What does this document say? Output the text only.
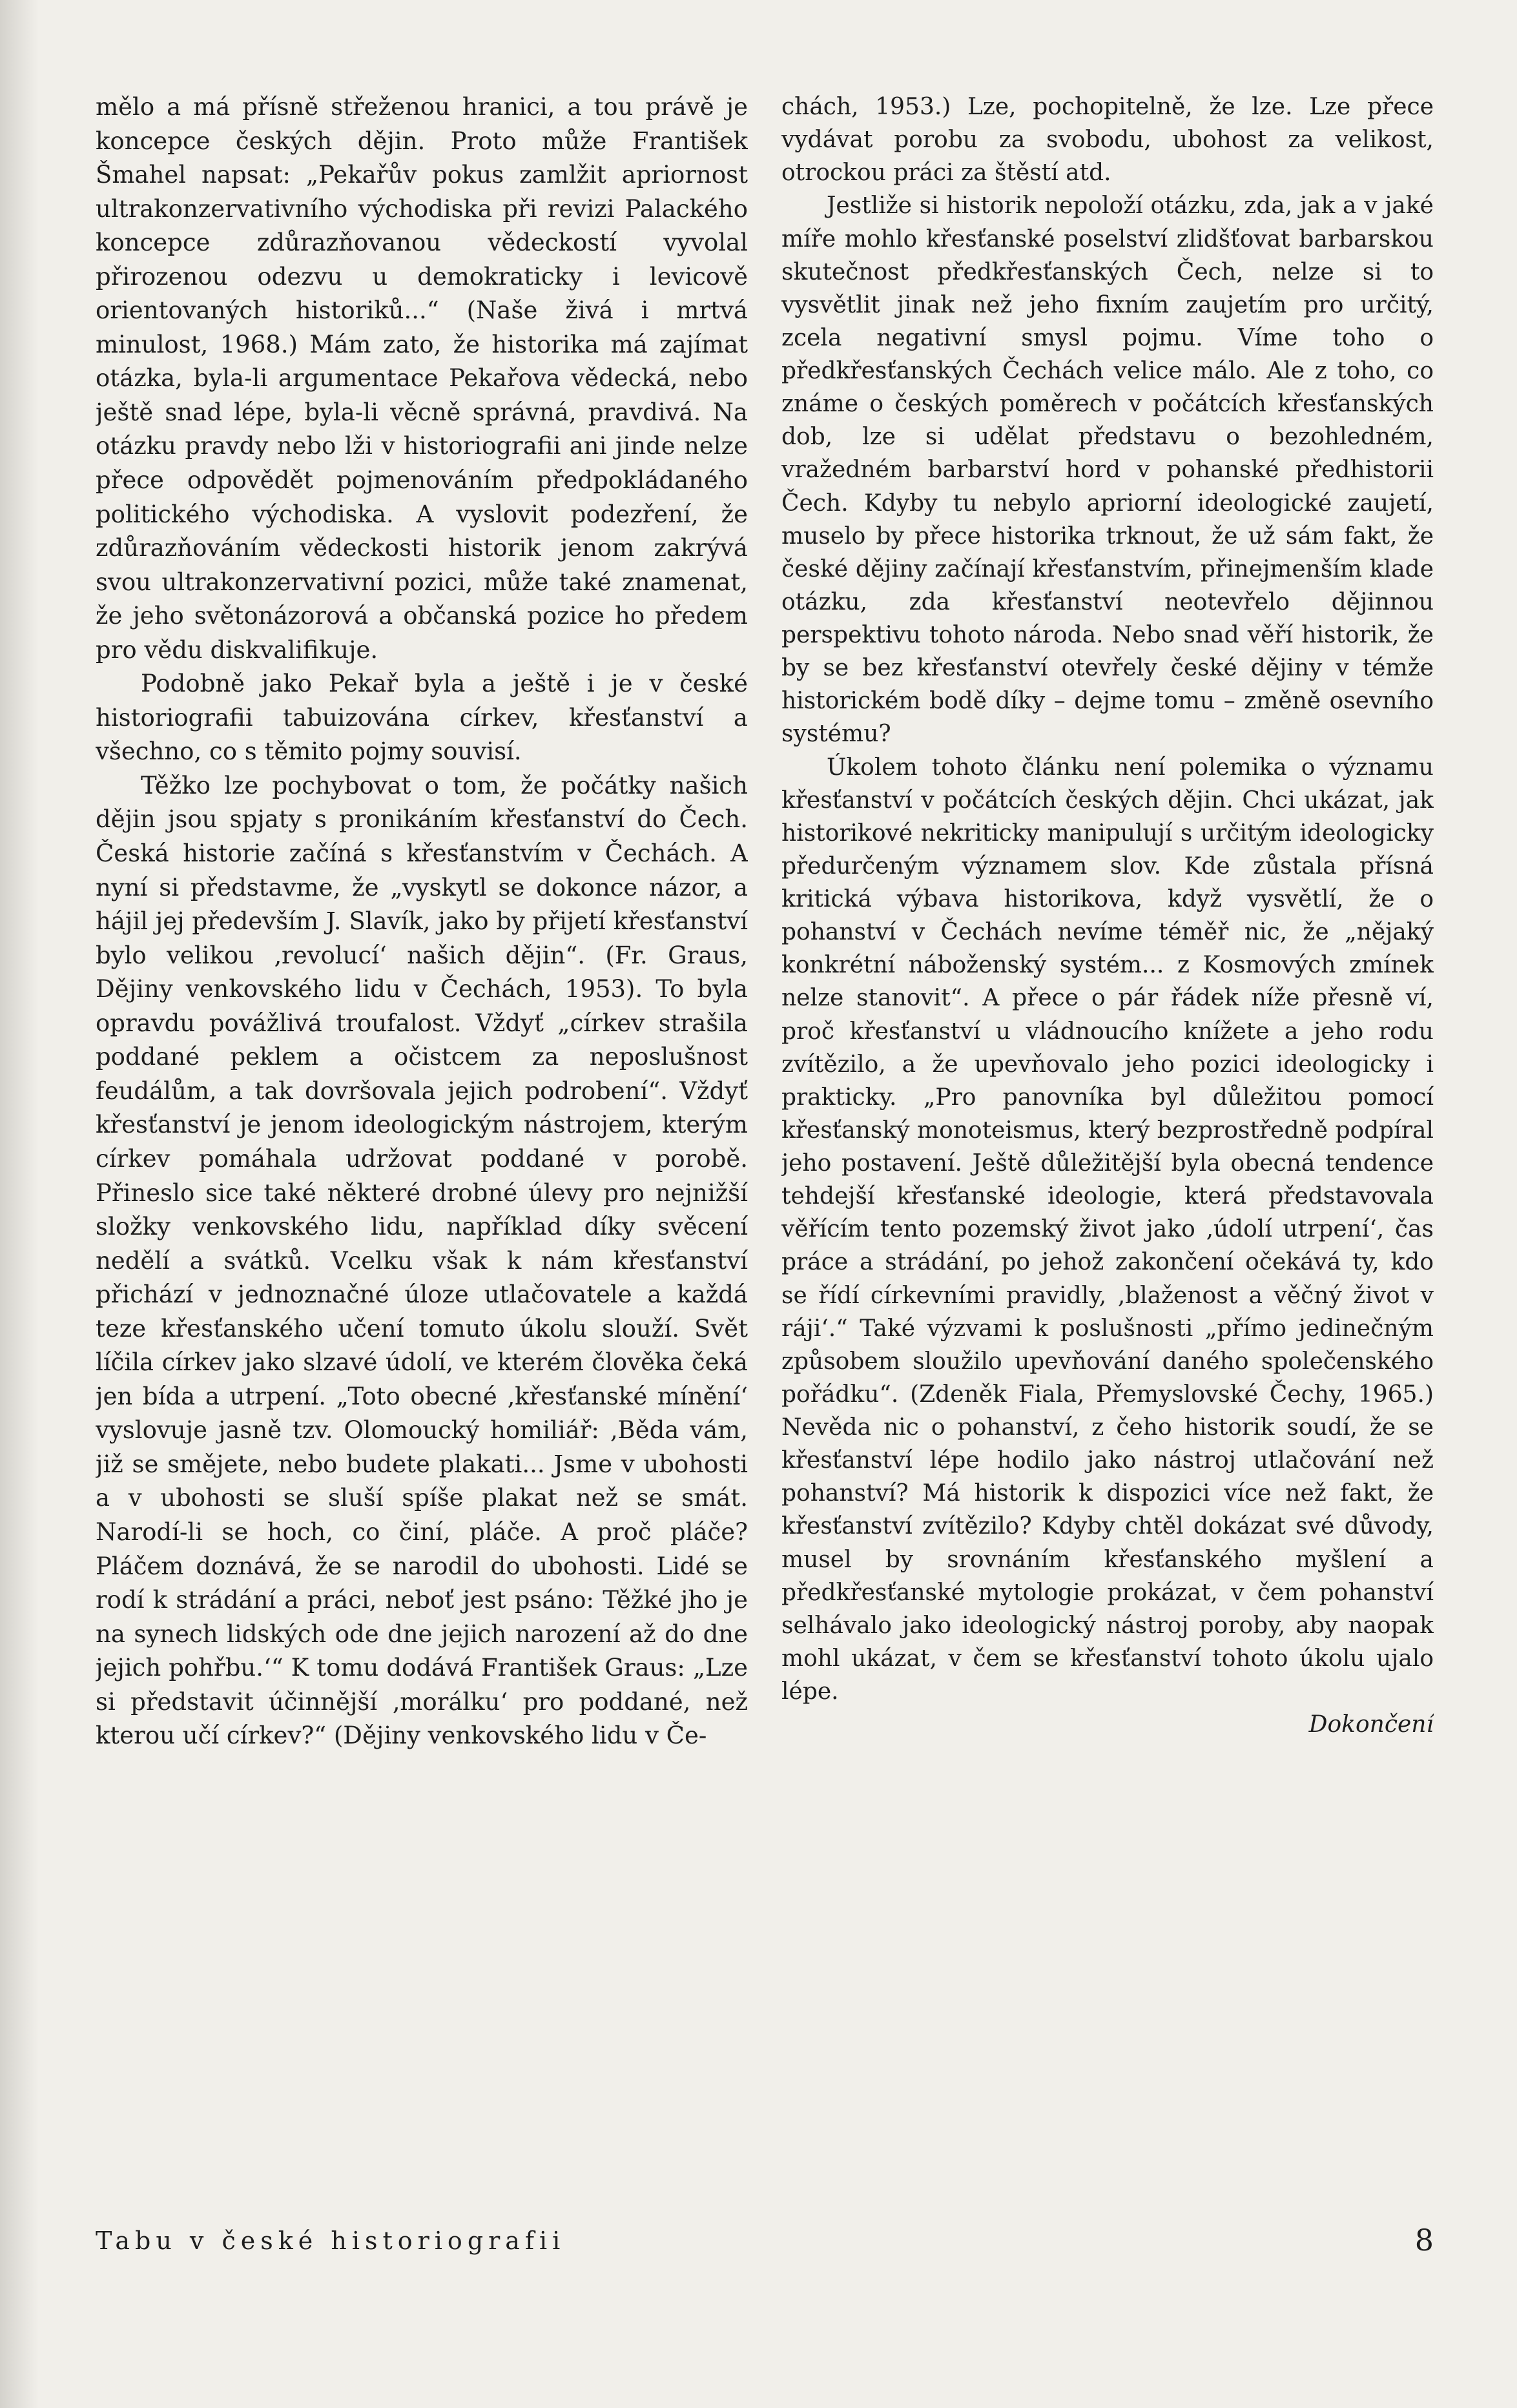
mělo a má přísně střeženou hranici, a tou právě je koncepce českých dějin. Proto může František Šmahel napsat: „Pekařův pokus zamlžit apriornost ultrakonzervativního východiska při revizi Palackého koncepce zdůrazňovanou vědeckostí vyvolal přirozenou odezvu u demokraticky i levicově orientovaných historiků...“ (Naše živá i mrtvá minulost, 1968.) Mám zato, že historika má zajímat otázka, byla-li argumentace Pekařova vědecká, nebo ještě snad lépe, byla-li věcně správná, pravdivá. Na otázku pravdy nebo lži v historiografii ani jinde nelze přece odpovědět pojmenováním předpokládaného politického východiska. A vyslovit podezření, že zdůrazňováním vědeckosti historik jenom zakrývá svou ultrakonzervativní pozici, může také znamenat, že jeho světonázorová a občanská pozice ho předem pro vědu diskvalifikuje.

Podobně jako Pekař byla a ještě i je v české historiografii tabuizována církev, křesťanství a všechno, co s těmito pojmy souvisí.

Těžko lze pochybovat o tom, že počátky našich dějin jsou spjaty s pronikáním křesťanství do Čech. Česká historie začíná s křesťanstvím v Čechách. A nyní si představme, že „vyskytl se dokonce názor, a hájil jej především J. Slavík, jako by přijetí křesťanství bylo velikou ‚revolucí‘ našich dějin“. (Fr. Graus, Dějiny venkovského lidu v Čechách, 1953). To byla opravdu povážlivá troufalost. Vždyť „církev strašila poddané peklem a očistcem za neposlušnost feudálům, a tak dovršovala jejich podrobení“. Vždyť křesťanství je jenom ideologickým nástrojem, kterým církev pomáhala udržovat poddané v porobě. Přineslo sice také některé drobné úlevy pro nejnižší složky venkovského lidu, například díky svěcení nedělí a svátků. Vcelku však k nám křesťanství přichází v jednoznačné úloze utlačovatele a každá teze křesťanského učení tomuto úkolu slouží. Svět líčila církev jako slzavé údolí, ve kterém člověka čeká jen bída a utrpení. „Toto obecné ‚křesťanské mínění‘ vyslovuje jasně tzv. Olomoucký homiliář: ‚Běda vám, již se smějete, nebo budete plakati... Jsme v ubohosti a v ubohosti se sluší spíše plakat než se smát. Narodí-li se hoch, co činí, pláče. A proč pláče? Pláčem doznává, že se narodil do ubohosti. Lidé se rodí k strádání a práci, neboť jest psáno: Těžké jho je na synech lidských ode dne jejich narození až do dne jejich pohřbu.‘“ K tomu dodává František Graus: „Lze si představit účinnější ‚morálku‘ pro poddané, než kterou učí církev?“ (Dějiny venkovského lidu v Če-

chách, 1953.) Lze, pochopitelně, že lze. Lze přece vydávat porobu za svobodu, ubohost za velikost, otrockou práci za štěstí atd.

Jestliže si historik nepoloží otázku, zda, jak a v jaké míře mohlo křesťanské poselství zlidšťovat barbarskou skutečnost předkřesťanských Čech, nelze si to vysvětlit jinak než jeho fixním zaujetím pro určitý, zcela negativní smysl pojmu. Víme toho o předkřesťanských Čechách velice málo. Ale z toho, co známe o českých poměrech v počátcích křesťanských dob, lze si udělat představu o bezohledném, vražedném barbarství hord v pohanské předhistorii Čech. Kdyby tu nebylo apriorní ideologické zaujetí, muselo by přece historika trknout, že už sám fakt, že české dějiny začínají křesťanstvím, přinejmenším klade otázku, zda křesťanství neotevřelo dějinnou perspektivu tohoto národa. Nebo snad věří historik, že by se bez křesťanství otevřely české dějiny v témže historickém bodě díky – dejme tomu – změně osevního systému?

Úkolem tohoto článku není polemika o významu křesťanství v počátcích českých dějin. Chci ukázat, jak historikové nekriticky manipulují s určitým ideologicky předurčeným významem slov. Kde zůstala přísná kritická výbava historikova, když vysvětlí, že o pohanství v Čechách nevíme téměř nic, že „nějaký konkrétní náboženský systém... z Kosmových zmínek nelze stanovit“. A přece o pár řádek níže přesně ví, proč křesťanství u vládnoucího knížete a jeho rodu zvítězilo, a že upevňovalo jeho pozici ideologicky i prakticky. „Pro panovníka byl důležitou pomocí křesťanský monoteismus, který bezprostředně podpíral jeho postavení. Ještě důležitější byla obecná tendence tehdejší křesťanské ideologie, která představovala věřícím tento pozemský život jako ‚údolí utrpení‘, čas práce a strádání, po jehož zakončení očekává ty, kdo se řídí církevními pravidly, ‚blaženost a věčný život v ráji‘.“ Také výzvami k poslušnosti „přímo jedinečným způsobem sloužilo upevňování daného společenského pořádku“. (Zdeněk Fiala, Přemyslovské Čechy, 1965.) Nevěda nic o pohanství, z čeho historik soudí, že se křesťanství lépe hodilo jako nástroj utlačování než pohanství? Má historik k dispozici více než fakt, že křesťanství zvítězilo? Kdyby chtěl dokázat své důvody, musel by srovnáním křesťanského myšlení a předkřesťanské mytologie prokázat, v čem pohanství selhávalo jako ideologický nástroj poroby, aby naopak mohl ukázat, v čem se křesťanství tohoto úkolu ujalo lépe.

Dokončení

Tabu v české historiografii	8
